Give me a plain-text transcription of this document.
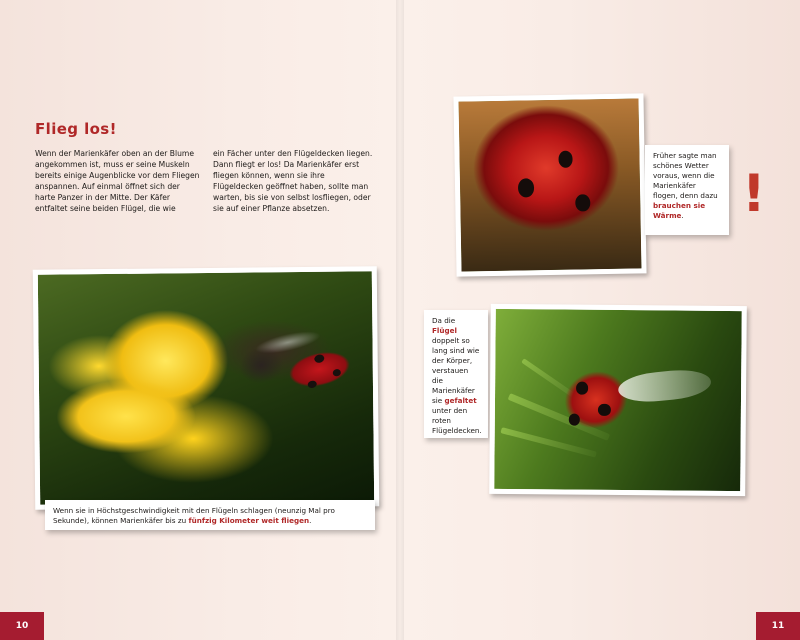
Flieg los!
Wenn der Marienkäfer oben an der Blume angekommen ist, muss er seine Muskeln bereits einige Augenblicke vor dem Fliegen anspannen. Auf einmal öffnet sich der harte Panzer in der Mitte. Der Käfer entfaltet seine beiden Flügel, die wie
ein Fächer unter den Flügeldecken liegen. Dann fliegt er los! Da Marienkäfer erst fliegen können, wenn sie ihre Flügeldecken geöffnet haben, sollte man warten, bis sie von selbst losfliegen, oder sie auf einer Pflanze absetzen.
Wenn sie in Höchstgeschwindigkeit mit den Flügeln schlagen (neunzig Mal pro Sekunde), können Marienkäfer bis zu fünfzig Kilometer weit fliegen.
Früher sagte man schönes Wetter voraus, wenn die Marienkäfer flogen, denn dazu brauchen sie Wärme.	!
Da die Flügel doppelt so lang sind wie der Körper, verstauen die Marienkäfer sie gefaltet unter den roten Flügeldecken.
10	11
